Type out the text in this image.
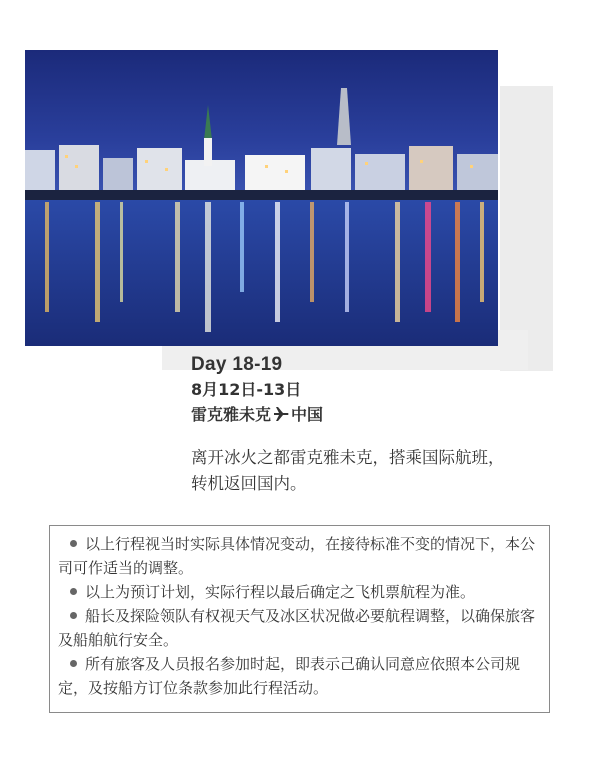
Day 18-19
8月12日-13日
雷克雅未克 中国
离开冰火之都雷克雅未克，搭乘国际航班，转机返回国内。

以上行程视当时实际具体情况变动，在接待标准不变的情况下，本公司可作适当的调整。

以上为预订计划，实际行程以最后确定之飞机票航程为准。

船长及探险领队有权视天气及冰区状况做必要航程调整，以确保旅客及船舶航行安全。

所有旅客及人员报名参加时起，即表示己确认同意应依照本公司规定，及按船方订位条款参加此行程活动。
